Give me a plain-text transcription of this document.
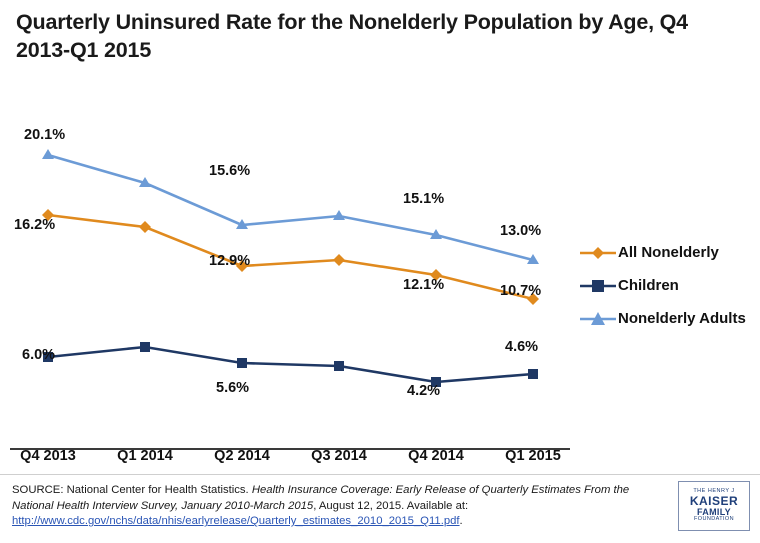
Quarterly Uninsured Rate for the Nonelderly Population by Age, Q4 2013-Q1 2015
20.1%
16.2%
15.6%
12.9%
15.1%
12.1%
13.0%
10.7%
6.0%
5.6%	4.2%
4.6%
Q4 2013	Q1 2014	Q2 2014	Q3 2014	Q4 2014	Q1 2015
All Nonelderly
Children
Nonelderly Adults
SOURCE: National Center for Health Statistics. Health Insurance Coverage: Early Release of Quarterly Estimates From the National Health Interview Survey, January 2010-March 2015, August 12, 2015. Available at:
http://www.cdc.gov/nchs/data/nhis/earlyrelease/Quarterly_estimates_2010_2015_Q11.pdf.
THE HENRY J
KAISER
FAMILY
FOUNDATION
